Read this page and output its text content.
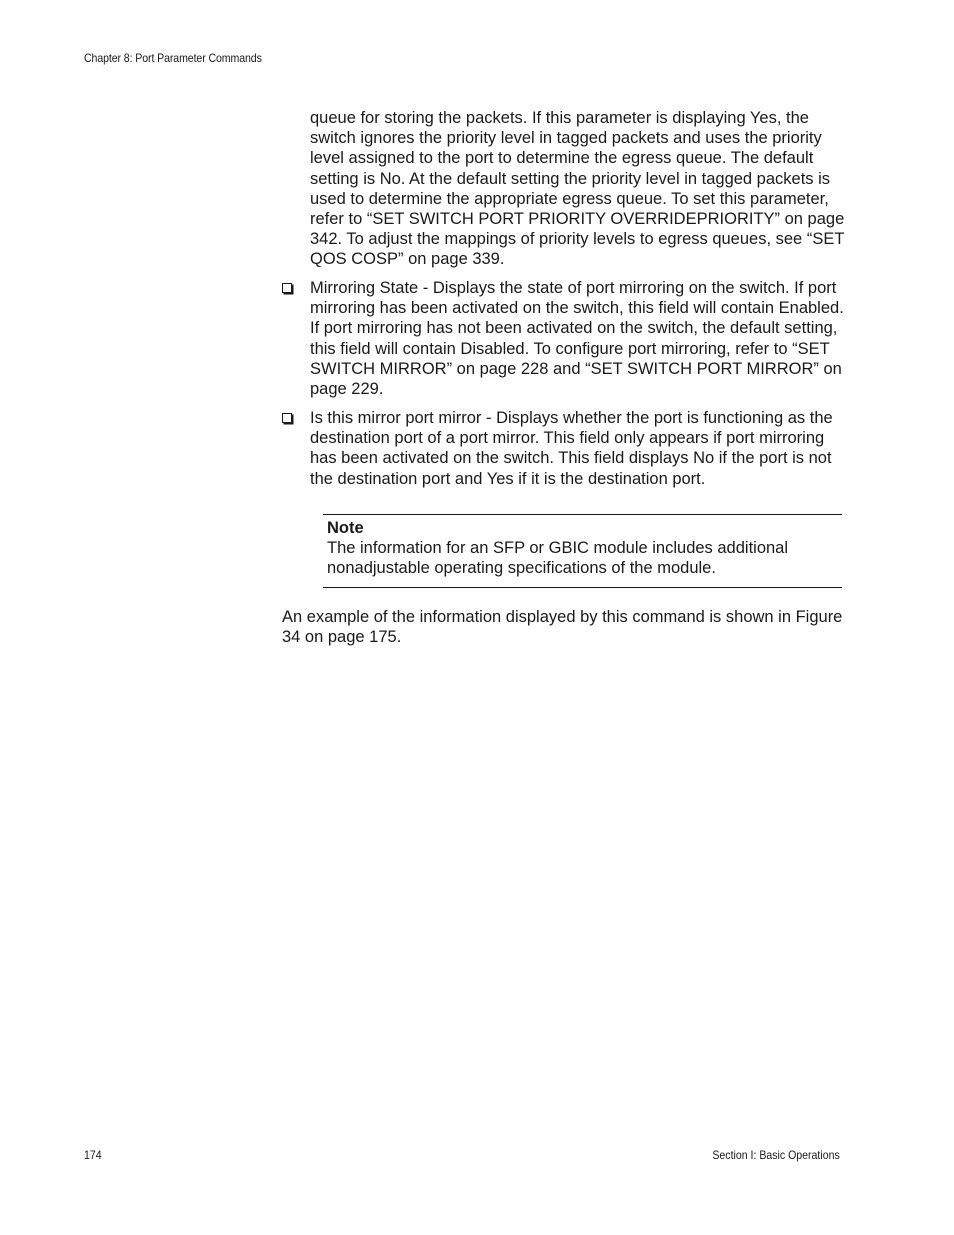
Chapter 8: Port Parameter Commands
queue for storing the packets. If this parameter is displaying Yes, the switch ignores the priority level in tagged packets and uses the priority level assigned to the port to determine the egress queue. The default setting is No. At the default setting the priority level in tagged packets is used to determine the appropriate egress queue. To set this parameter, refer to “SET SWITCH PORT PRIORITY OVERRIDEPRIORITY” on page 342. To adjust the mappings of priority levels to egress queues, see “SET QOS COSP” on page 339.
Mirroring State - Displays the state of port mirroring on the switch. If port mirroring has been activated on the switch, this field will contain Enabled. If port mirroring has not been activated on the switch, the default setting, this field will contain Disabled. To configure port mirroring, refer to “SET SWITCH MIRROR” on page 228 and “SET SWITCH PORT MIRROR” on page 229.
Is this mirror port mirror - Displays whether the port is functioning as the destination port of a port mirror. This field only appears if port mirroring has been activated on the switch. This field displays No if the port is not the destination port and Yes if it is the destination port.
Note
The information for an SFP or GBIC module includes additional nonadjustable operating specifications of the module.
An example of the information displayed by this command is shown in Figure 34 on page 175.
174	Section I: Basic Operations
